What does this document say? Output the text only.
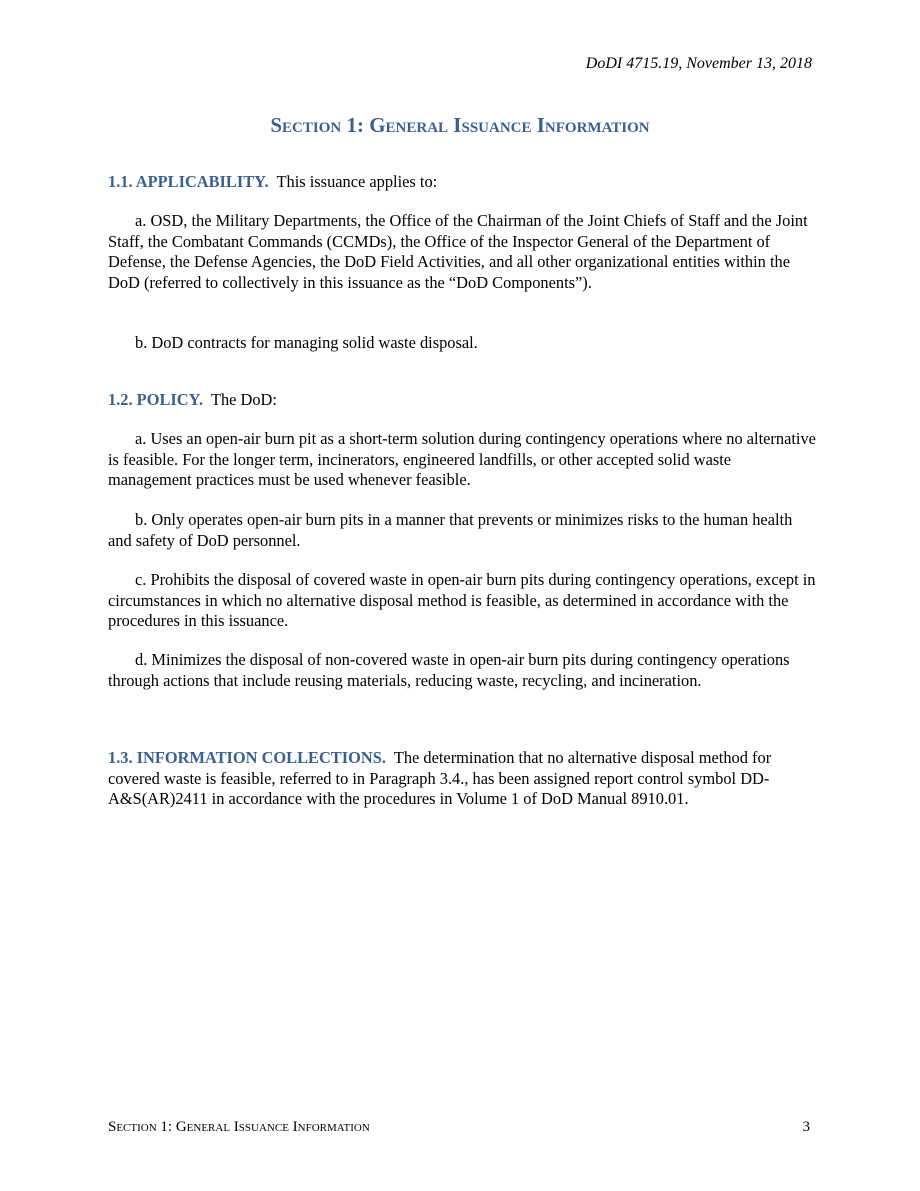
DoDI 4715.19, November 13, 2018
Section 1: General Issuance Information
1.1. APPLICABILITY. This issuance applies to:
a. OSD, the Military Departments, the Office of the Chairman of the Joint Chiefs of Staff and the Joint Staff, the Combatant Commands (CCMDs), the Office of the Inspector General of the Department of Defense, the Defense Agencies, the DoD Field Activities, and all other organizational entities within the DoD (referred to collectively in this issuance as the “DoD Components”).
b. DoD contracts for managing solid waste disposal.
1.2. POLICY. The DoD:
a. Uses an open-air burn pit as a short-term solution during contingency operations where no alternative is feasible. For the longer term, incinerators, engineered landfills, or other accepted solid waste management practices must be used whenever feasible.
b. Only operates open-air burn pits in a manner that prevents or minimizes risks to the human health and safety of DoD personnel.
c. Prohibits the disposal of covered waste in open-air burn pits during contingency operations, except in circumstances in which no alternative disposal method is feasible, as determined in accordance with the procedures in this issuance.
d. Minimizes the disposal of non-covered waste in open-air burn pits during contingency operations through actions that include reusing materials, reducing waste, recycling, and incineration.
1.3. INFORMATION COLLECTIONS. The determination that no alternative disposal method for covered waste is feasible, referred to in Paragraph 3.4., has been assigned report control symbol DD- A&S(AR)2411 in accordance with the procedures in Volume 1 of DoD Manual 8910.01.
Section 1: General Issuance Information	3
